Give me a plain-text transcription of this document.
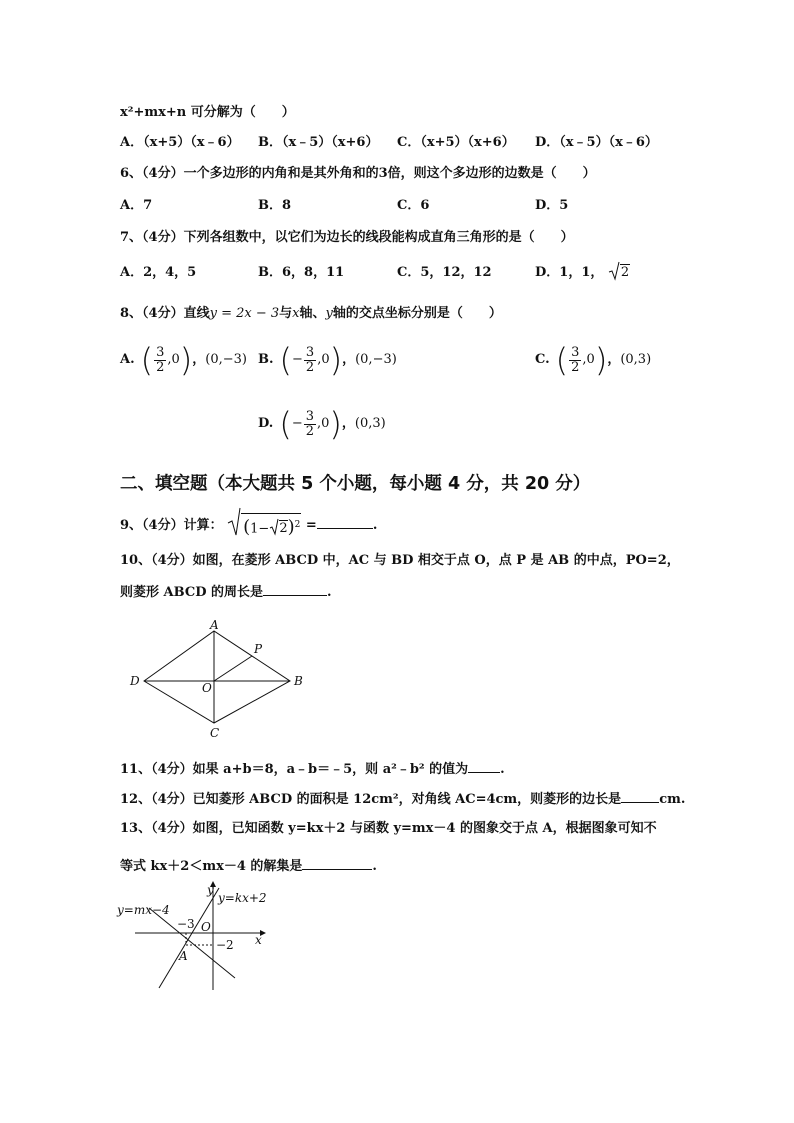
x²+mx+n 可分解为（　　）
A．（x+5）（x﹣6） B．（x﹣5）（x+6） C．（x+5）（x+6） D．（x﹣5）（x﹣6）
6、（4分）一个多边形的内角和是其外角和的3倍，则这个多边形的边数是（　　）
A．7	B．8	C．6	D．5
7、（4分）下列各组数中，以它们为边长的线段能构成直角三角形的是（　　）
A．2，4，5	B．6，8，11	C．5，12，12	D．1，1， 2
8、（4分）直线y = 2x − 3与x轴、y轴的交点坐标分别是（　　）
A. ( $\frac{3}{2} ,0$ ) ， (0,−3) B. ( − $\frac{3}{2} ,0$ ) ， (0,−3)	C. ( $\frac{3}{2} ,0$ ) ， (0,3)
D. ( − $\frac{3}{2} ,0$ ) ， (0,3)
二、填空题（本大题共 5 个小题，每小题 4 分，共 20 分）
9、（4分）计算： $(1- 2)^2$ =	.
10、（4分）如图，在菱形 ABCD 中，AC 与 BD 相交于点 O，点 P 是 AB 的中点，PO=2，
则菱形 ABCD 的周长是	.
A
D	B
O
P
C
11、（4分）如果 a+b＝8，a﹣b＝﹣5，则 a²﹣b² 的值为 .
12、（4分）已知菱形 ABCD 的面积是 12cm²，对角线 AC=4cm，则菱形的边长是	cm.
13、（4分）如图，已知函数 y=kx＋2 与函数 y=mx－4 的图象交于点 A，根据图象可知不
等式 kx＋2＜mx－4 的解集是	.
y
x
O
y=mx−4
y=kx+2
−3
−2
A
